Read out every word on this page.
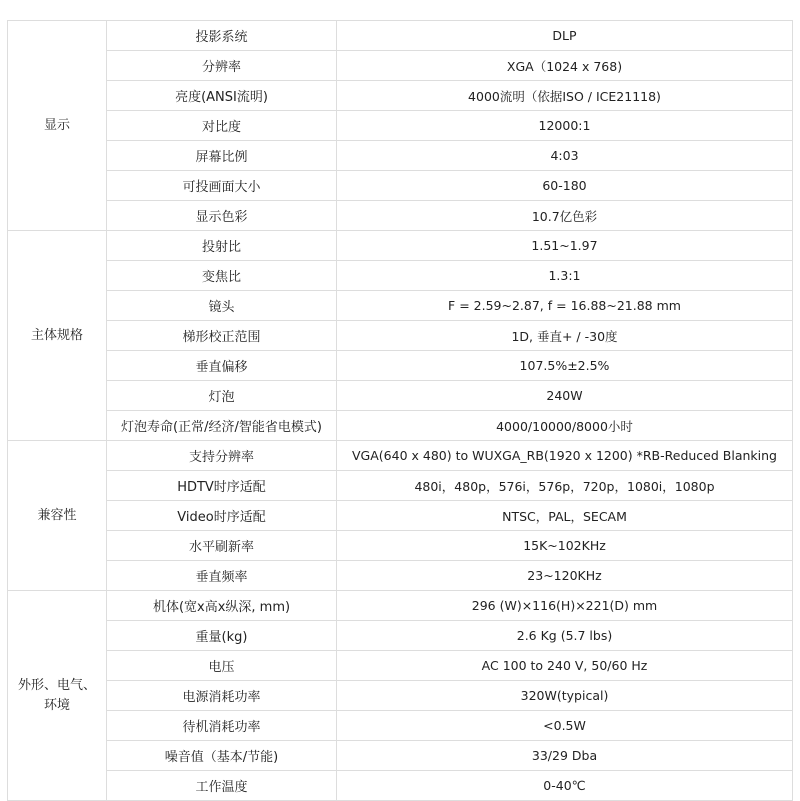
显示	投影系统	DLP
	分辨率	XGA（1024 x 768)
	亮度(ANSI流明)	4000流明（依据ISO / ICE21118)
	对比度	12000:1
	屏幕比例	4:03
	可投画面大小	60-180
	显示色彩	10.7亿色彩
主体规格	投射比	1.51~1.97
	变焦比	1.3:1
	镜头	F = 2.59~2.87, f = 16.88~21.88 mm
	梯形校正范围	1D, 垂直+ / -30度
	垂直偏移	107.5%±2.5%
	灯泡	240W
	灯泡寿命(正常/经济/智能省电模式)	4000/10000/8000小时
兼容性	支持分辨率	VGA(640 x 480) to WUXGA_RB(1920 x 1200) *RB-Reduced Blanking
	HDTV时序适配	480i，480p，576i，576p，720p，1080i，1080p
	Video时序适配	NTSC，PAL，SECAM
	水平刷新率	15K~102KHz
	垂直频率	23~120KHz
外形、电气、环境	机体(宽x高x纵深, mm)	296 (W)×116(H)×221(D) mm
	重量(kg)	2.6 Kg (5.7 lbs)
	电压	AC 100 to 240 V, 50/60 Hz
	电源消耗功率	320W(typical)
	待机消耗功率	<0.5W
	噪音值（基本/节能)	33/29 Dba
	工作温度	0-40℃
